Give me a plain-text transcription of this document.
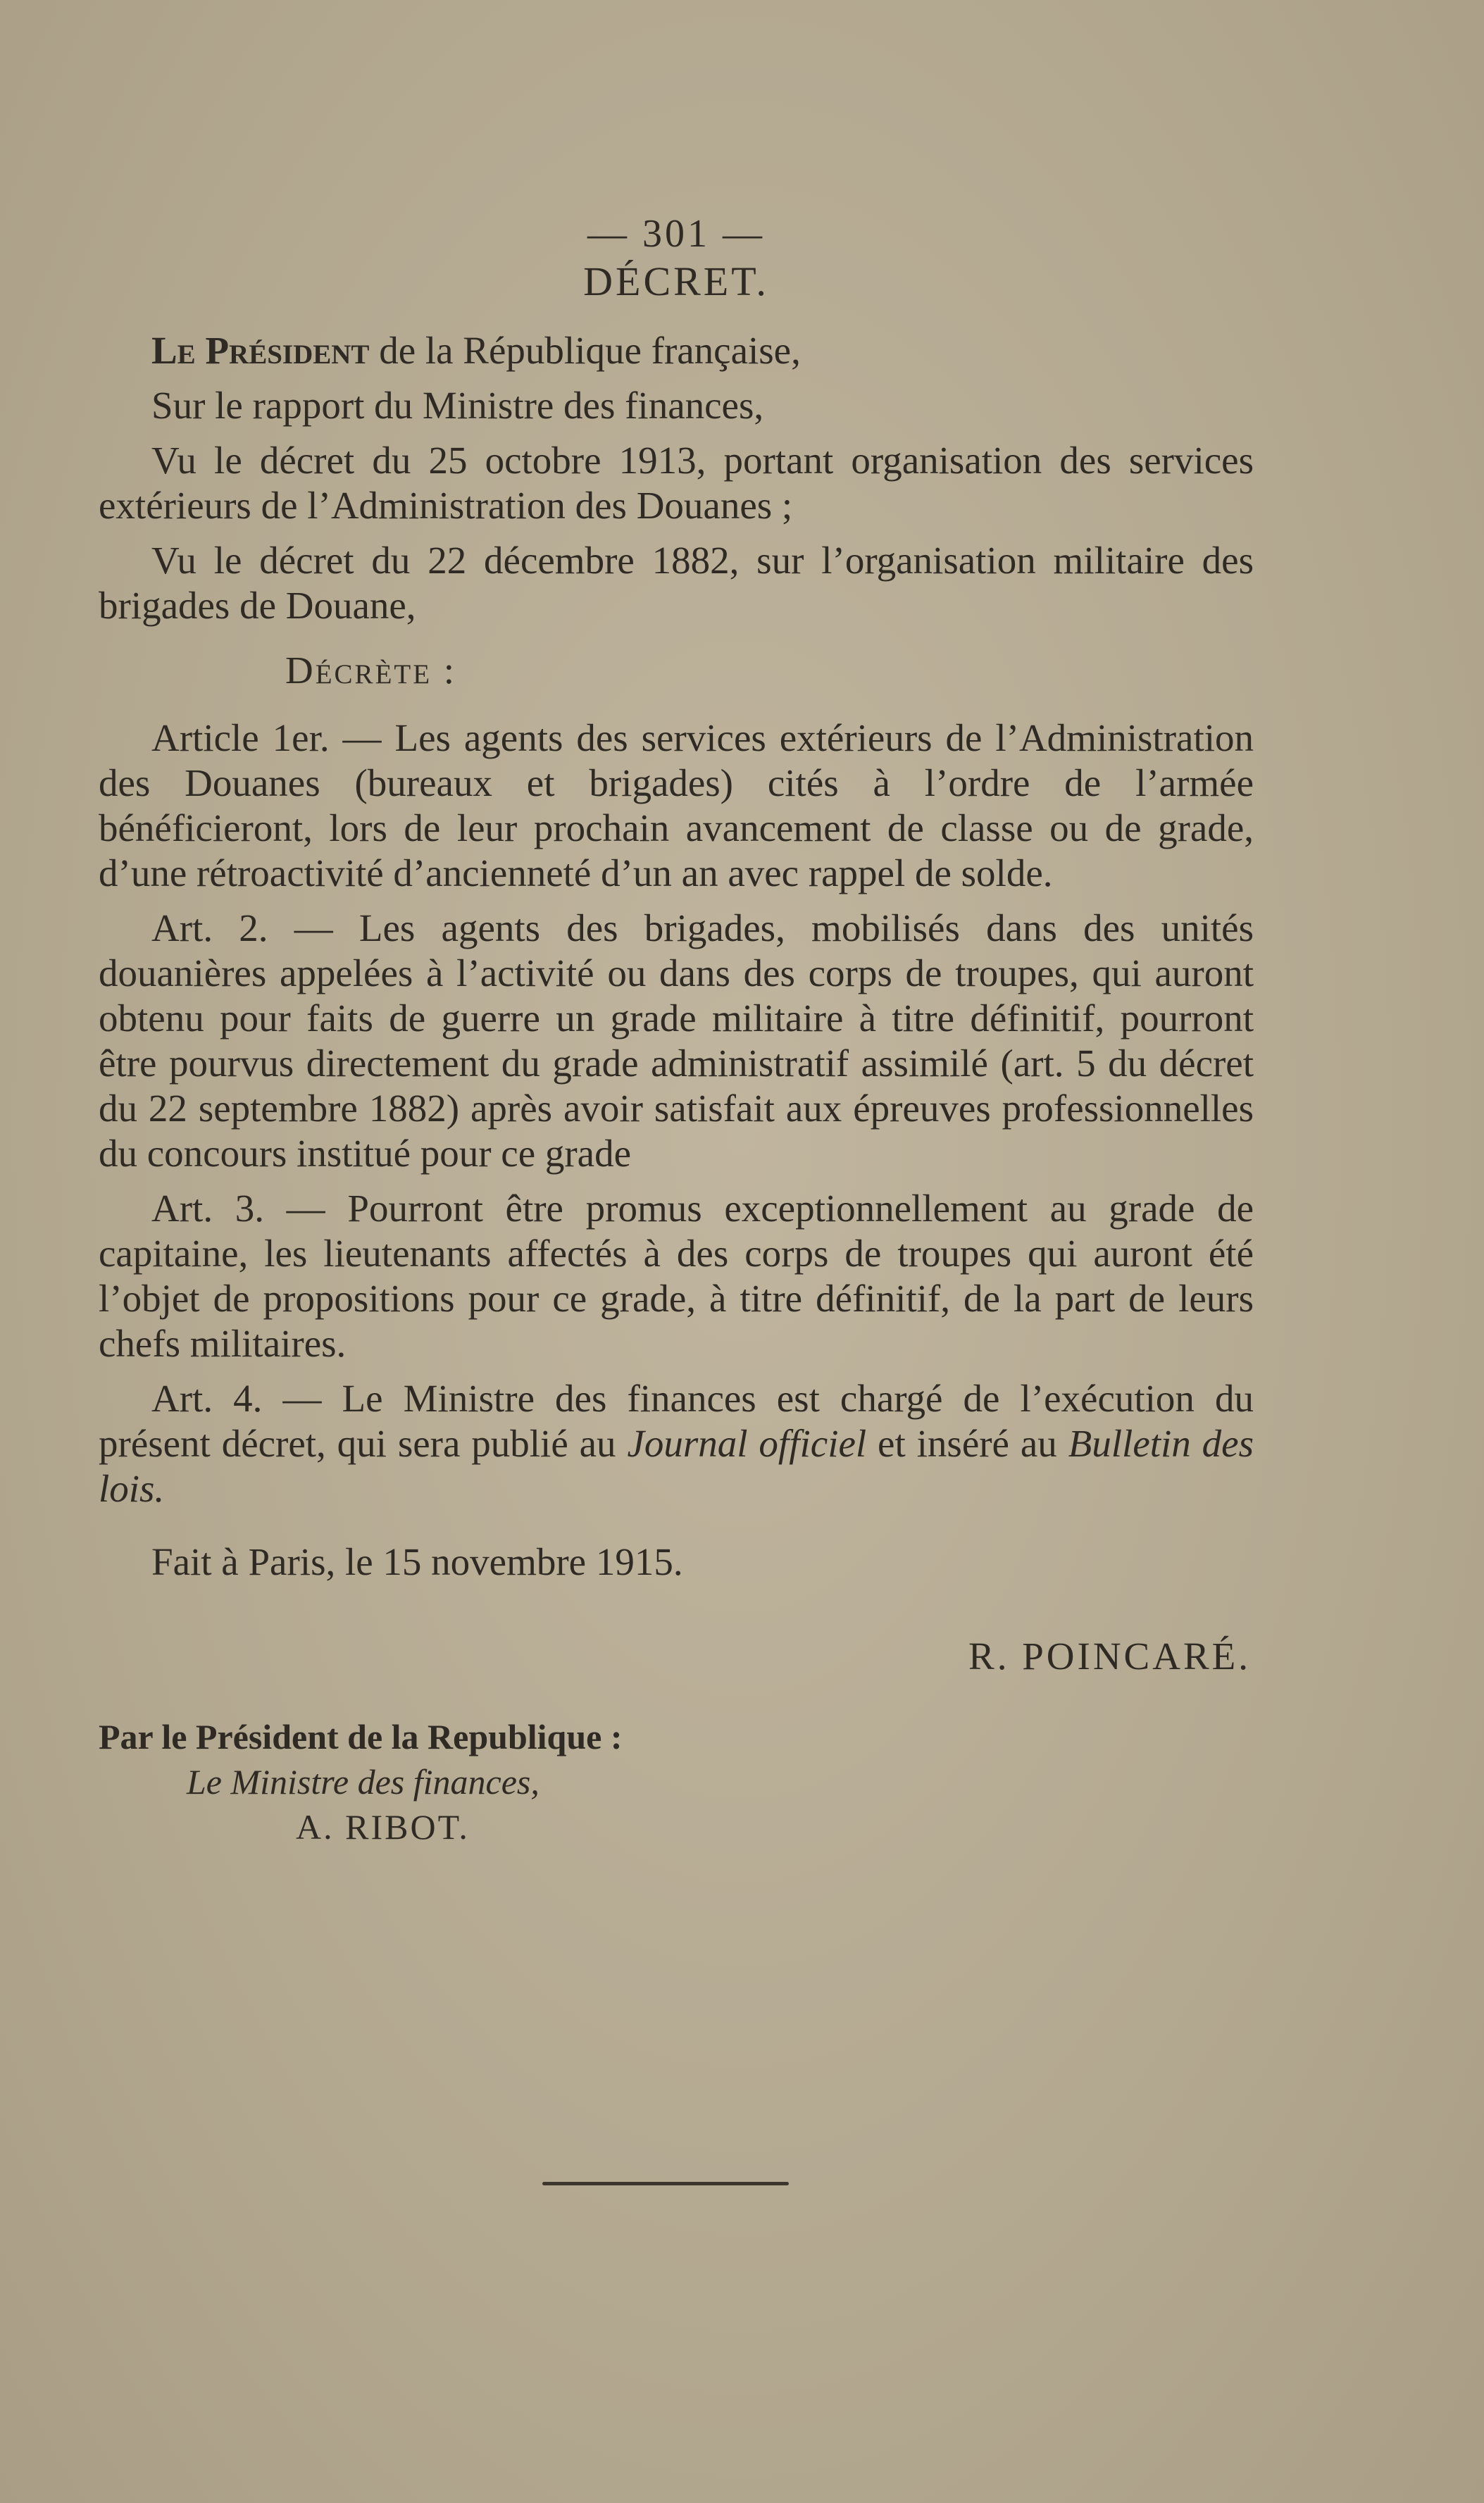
— 301 —
DÉCRET.

Le Président de la République française,

Sur le rapport du Ministre des finances,

Vu le décret du 25 octobre 1913, portant organisation des services extérieurs de l’Administration des Douanes ;

Vu le décret du 22 décembre 1882, sur l’organisation militaire des brigades de Douane,

Décrète :

Article 1er. — Les agents des services extérieurs de l’Administration des Douanes (bureaux et brigades) cités à l’ordre de l’armée bénéficieront, lors de leur prochain avancement de classe ou de grade, d’une rétroactivité d’ancienneté d’un an avec rappel de solde.

Art. 2. — Les agents des brigades, mobilisés dans des unités douanières appelées à l’activité ou dans des corps de troupes, qui auront obtenu pour faits de guerre un grade militaire à titre définitif, pourront être pourvus directement du grade administratif assimilé (art. 5 du décret du 22 septembre 1882) après avoir satisfait aux épreuves professionnelles du concours institué pour ce grade

Art. 3. — Pourront être promus exceptionnellement au grade de capitaine, les lieutenants affectés à des corps de troupes qui auront été l’objet de propositions pour ce grade, à titre définitif, de la part de leurs chefs militaires.

Art. 4. — Le Ministre des finances est chargé de l’exécution du présent décret, qui sera publié au Journal officiel et inséré au Bulletin des lois.

Fait à Paris, le 15 novembre 1915.

R. POINCARÉ.
Par le Président de la Republique :
Le Ministre des finances,
A. RIBOT.
